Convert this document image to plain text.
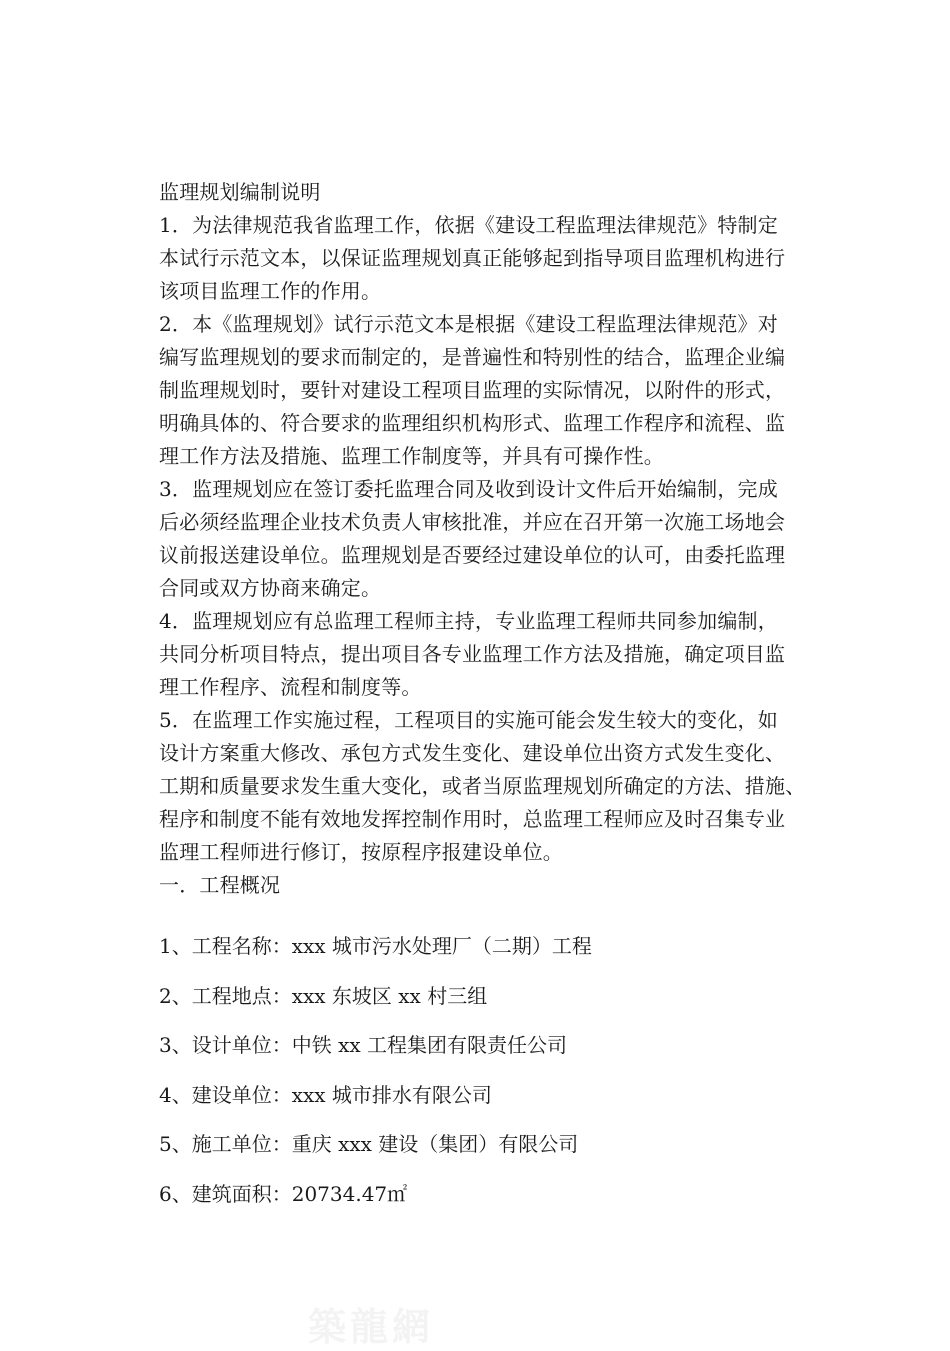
监理规划编制说明
1．为法律规范我省监理工作，依据《建设工程监理法律规范》特制定
本试行示范文本，以保证监理规划真正能够起到指导项目监理机构进行
该项目监理工作的作用。
2．本《监理规划》试行示范文本是根据《建设工程监理法律规范》对
编写监理规划的要求而制定的，是普遍性和特别性的结合，监理企业编
制监理规划时，要针对建设工程项目监理的实际情况，以附件的形式，
明确具体的、符合要求的监理组织机构形式、监理工作程序和流程、监
理工作方法及措施、监理工作制度等，并具有可操作性。
3．监理规划应在签订委托监理合同及收到设计文件后开始编制，完成
后必须经监理企业技术负责人审核批准，并应在召开第一次施工场地会
议前报送建设单位。监理规划是否要经过建设单位的认可，由委托监理
合同或双方协商来确定。
4．监理规划应有总监理工程师主持，专业监理工程师共同参加编制，
共同分析项目特点，提出项目各专业监理工作方法及措施，确定项目监
理工作程序、流程和制度等。
5．在监理工作实施过程，工程项目的实施可能会发生较大的变化，如
设计方案重大修改、承包方式发生变化、建设单位出资方式发生变化、
工期和质量要求发生重大变化，或者当原监理规划所确定的方法、措施、
程序和制度不能有效地发挥控制作用时，总监理工程师应及时召集专业
监理工程师进行修订，按原程序报建设单位。
一．工程概况
1、工程名称：xxx 城市污水处理厂（二期）工程
2、工程地点：xxx 东坡区 xx 村三组
3、设计单位：中铁 xx 工程集团有限责任公司
4、建设单位：xxx 城市排水有限公司
5、施工单位：重庆 xxx 建设（集团）有限公司
6、建筑面积：20734.47㎡
築龍網
